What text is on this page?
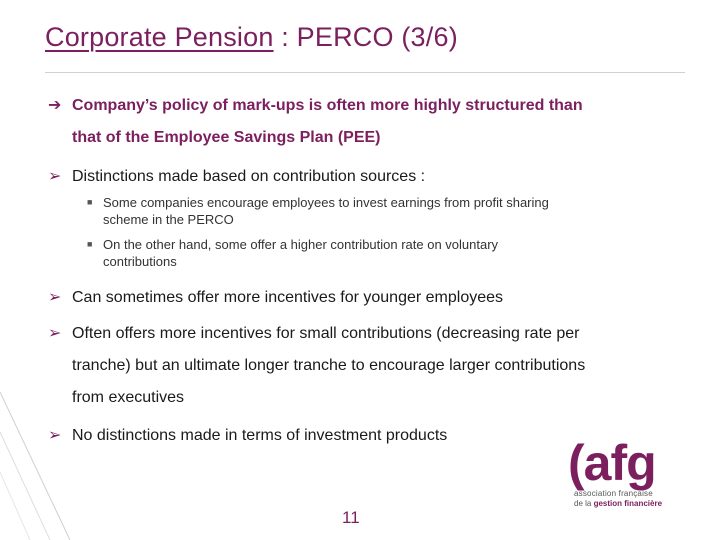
Corporate Pension : PERCO (3/6)
➔ Company’s policy of mark-ups is often more highly structured than
that of the Employee Savings Plan (PEE)
➢ Distinctions made based on contribution sources :
■ Some companies encourage employees to invest earnings from profit sharing
scheme in the PERCO
■ On the other hand, some offer a higher contribution rate on voluntary
contributions
➢ Can sometimes offer more incentives for younger employees
➢ Often offers more incentives for small contributions (decreasing rate per
tranche) but an ultimate longer tranche to encourage larger contributions
from executives
➢ No distinctions made in terms of investment products (afg
association française
de la gestion financière
11
